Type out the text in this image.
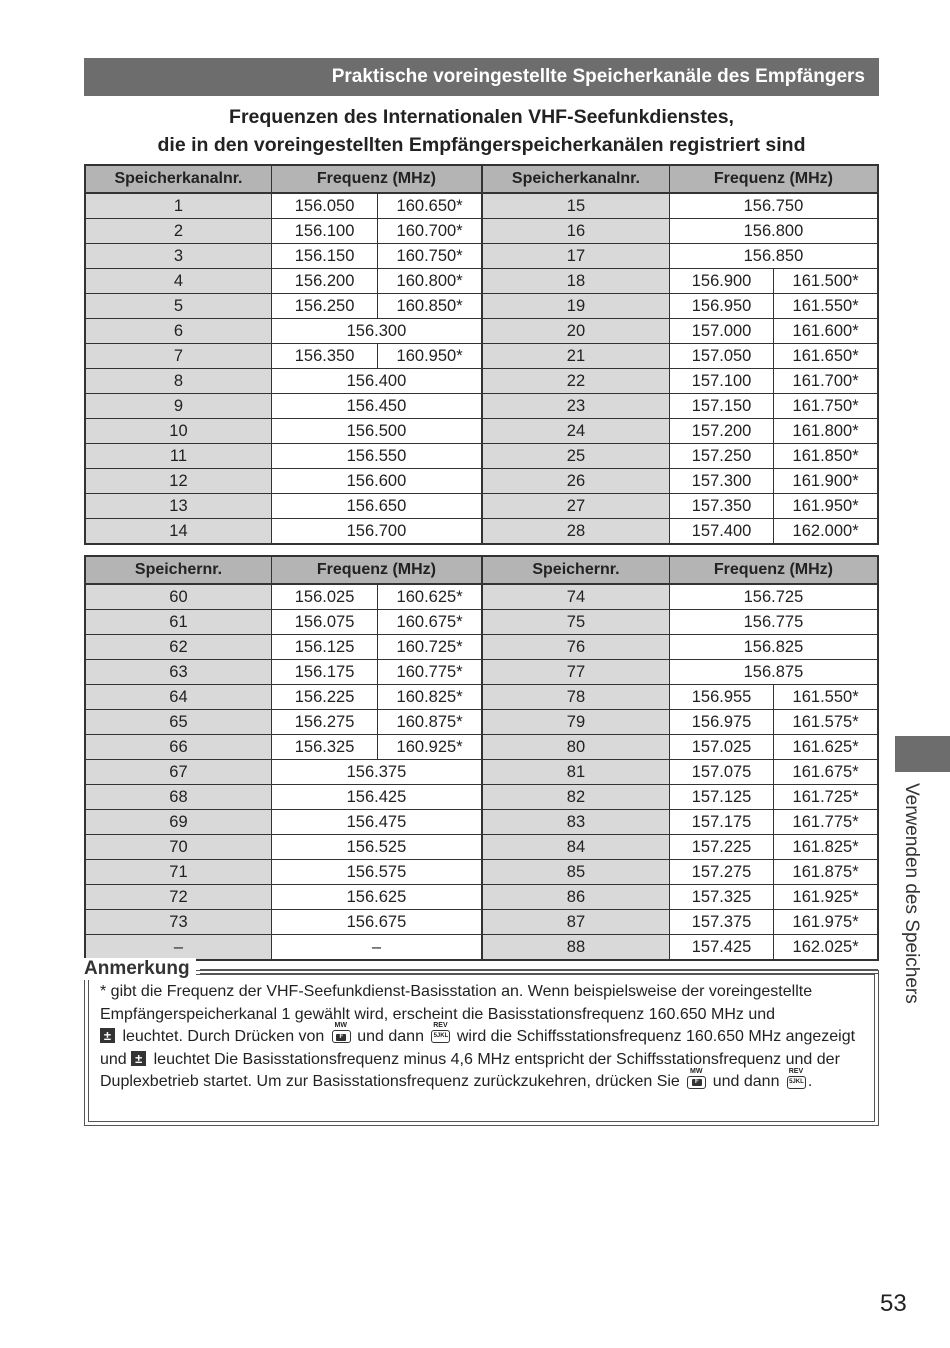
Praktische voreingestellte Speicherkanäle des Empfängers
Frequenzen des Internationalen VHF-Seefunkdienstes,
die in den voreingestellten Empfängerspeicherkanälen registriert sind
Speicherkanalnr.	Frequenz (MHz)		Speicherkanalnr.	Frequenz (MHz)	
1	156.050	160.650*	15	156.750	
2	156.100	160.700*	16	156.800	
3	156.150	160.750*	17	156.850	
4	156.200	160.800*	18	156.900	161.500*
5	156.250	160.850*	19	156.950	161.550*
6	156.300		20	157.000	161.600*
7	156.350	160.950*	21	157.050	161.650*
8	156.400		22	157.100	161.700*
9	156.450		23	157.150	161.750*
10	156.500		24	157.200	161.800*
11	156.550		25	157.250	161.850*
12	156.600		26	157.300	161.900*
13	156.650		27	157.350	161.950*
14	156.700		28	157.400	162.000*
Speichernr.	Frequenz (MHz)		Speichernr.	Frequenz (MHz)	
60	156.025	160.625*	74	156.725	
61	156.075	160.675*	75	156.775	
62	156.125	160.725*	76	156.825	
63	156.175	160.775*	77	156.875	
64	156.225	160.825*	78	156.955	161.550*
65	156.275	160.875*	79	156.975	161.575*
66	156.325	160.925*	80	157.025	161.625*
67	156.375		81	157.075	161.675*
68	156.425		82	157.125	161.725*
69	156.475		83	157.175	161.775*
70	156.525		84	157.225	161.825*
71	156.575		85	157.275	161.875*
72	156.625		86	157.325	161.925*
73	156.675		87	157.375	161.975*
–	–		88	157.425	162.025*
Anmerkung
* gibt die Frequenz der VHF-Seefunkdienst-Basisstation an. Wenn beispielsweise der voreingestellte Empfängerspeicherkanal 1 gewählt wird, erscheint die Basisstationsfrequenz 160.650 MHz und
± leuchtet. Durch Drücken von $\frac{MW}{F}$ und dann
REV
5JKL wird die Schiffsstationsfrequenz 160.650 MHz angezeigt und ± leuchtet Die Basisstationsfrequenz minus 4,6 MHz entspricht der Schiffsstationsfrequenz und der Duplexbetrieb startet. Um zur Basisstationsfrequenz zurückzukehren, drücken Sie $\frac{MW}{F}$ und dann
REV
5JKL .
Verwenden des Speichers
53
